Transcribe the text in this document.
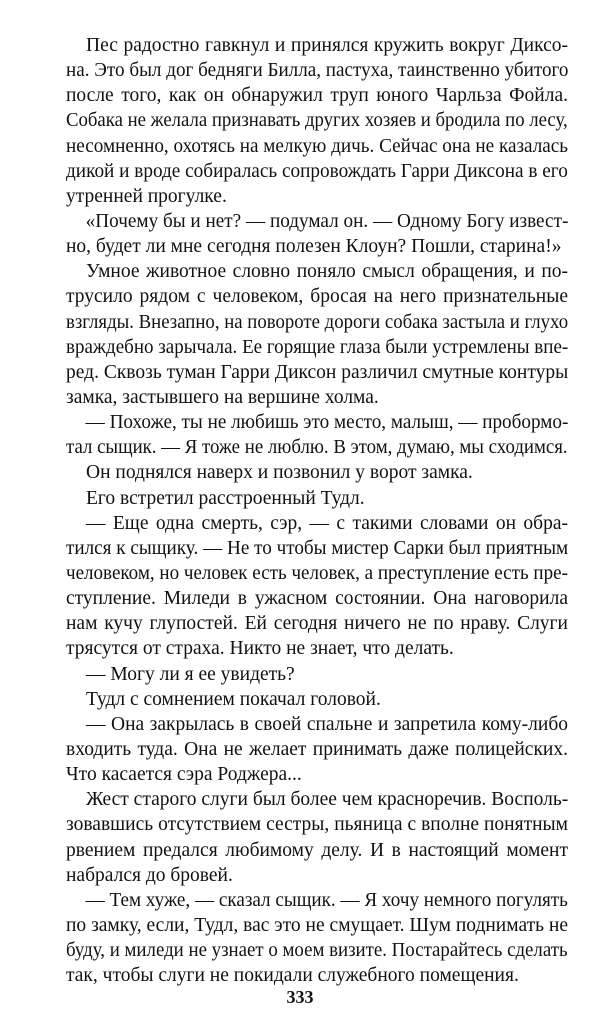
Пес радостно гавкнул и принялся кружить вокруг Диксо-
на. Это был дог бедняги Билла, пастуха, таинственно убитого
после того, как он обнаружил труп юного Чарльза Фойла.
Собака не желала признавать других хозяев и бродила по лесу,
несомненно, охотясь на мелкую дичь. Сейчас она не казалась
дикой и вроде собиралась сопровождать Гарри Диксона в его
утренней прогулке.
«Почему бы и нет? — подумал он. — Одному Богу извест-
но, будет ли мне сегодня полезен Клоун? Пошли, старина!»
Умное животное словно поняло смысл обращения, и по-
трусило рядом с человеком, бросая на него признательные
взгляды. Внезапно, на повороте дороги собака застыла и глухо
враждебно зарычала. Ее горящие глаза были устремлены впе-
ред. Сквозь туман Гарри Диксон различил смутные контуры
замка, застывшего на вершине холма.
— Похоже, ты не любишь это место, малыш, — пробормо-
тал сыщик. — Я тоже не люблю. В этом, думаю, мы сходимся.
Он поднялся наверх и позвонил у ворот замка.
Его встретил расстроенный Тудл.
— Еще одна смерть, сэр, — с такими словами он обра-
тился к сыщику. — Не то чтобы мистер Сарки был приятным
человеком, но человек есть человек, а преступление есть пре-
ступление. Миледи в ужасном состоянии. Она наговорила
нам кучу глупостей. Ей сегодня ничего не по нраву. Слуги
трясутся от страха. Никто не знает, что делать.
— Могу ли я ее увидеть?
Тудл с сомнением покачал головой.
— Она закрылась в своей спальне и запретила кому-либо
входить туда. Она не желает принимать даже полицейских.
Что касается сэра Роджера...
Жест старого слуги был более чем красноречив. Восполь-
зовавшись отсутствием сестры, пьяница с вполне понятным
рвением предался любимому делу. И в настоящий момент
набрался до бровей.
— Тем хуже, — сказал сыщик. — Я хочу немного погулять
по замку, если, Тудл, вас это не смущает. Шум поднимать не
буду, и миледи не узнает о моем визите. Постарайтесь сделать
так, чтобы слуги не покидали служебного помещения.
333
